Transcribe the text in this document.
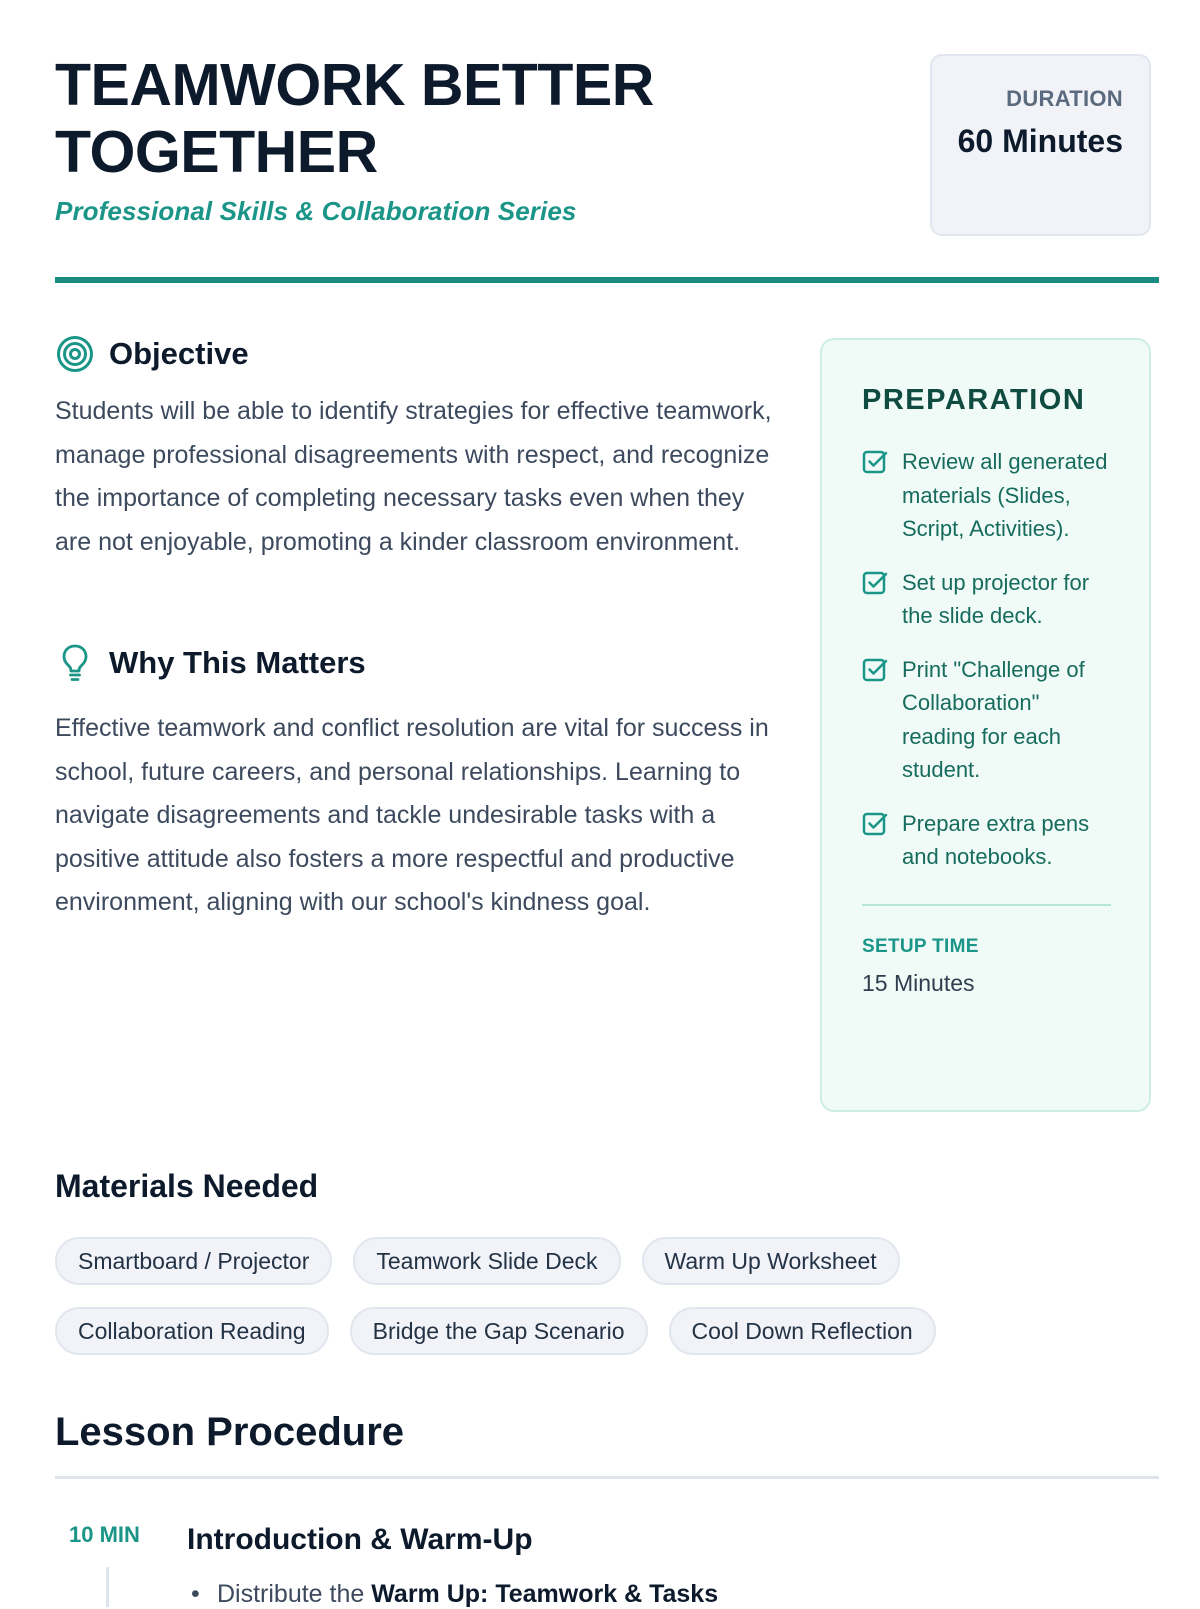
TEAMWORK BETTER TOGETHER
Professional Skills & Collaboration Series
DURATION
60 Minutes
Objective

Students will be able to identify strategies for effective teamwork, manage professional disagreements with respect, and recognize the importance of completing necessary tasks even when they are not enjoyable, promoting a kinder classroom environment.

Why This Matters

Effective teamwork and conflict resolution are vital for success in school, future careers, and personal relationships. Learning to navigate disagreements and tackle undesirable tasks with a positive attitude also fosters a more respectful and productive environment, aligning with our school's kindness goal.

PREPARATION
Review all generated materials (Slides, Script, Activities).
Set up projector for the slide deck.
Print "Challenge of Collaboration" reading for each student.
Prepare extra pens and notebooks.
SETUP TIME
15 Minutes
Materials Needed
Smartboard / Projector	Teamwork Slide Deck	Warm Up Worksheet
Collaboration Reading	Bridge the Gap Scenario	Cool Down Reflection
Lesson Procedure
10 MIN Introduction & Warm-Up
• Distribute the Warm Up: Teamwork & Tasks
